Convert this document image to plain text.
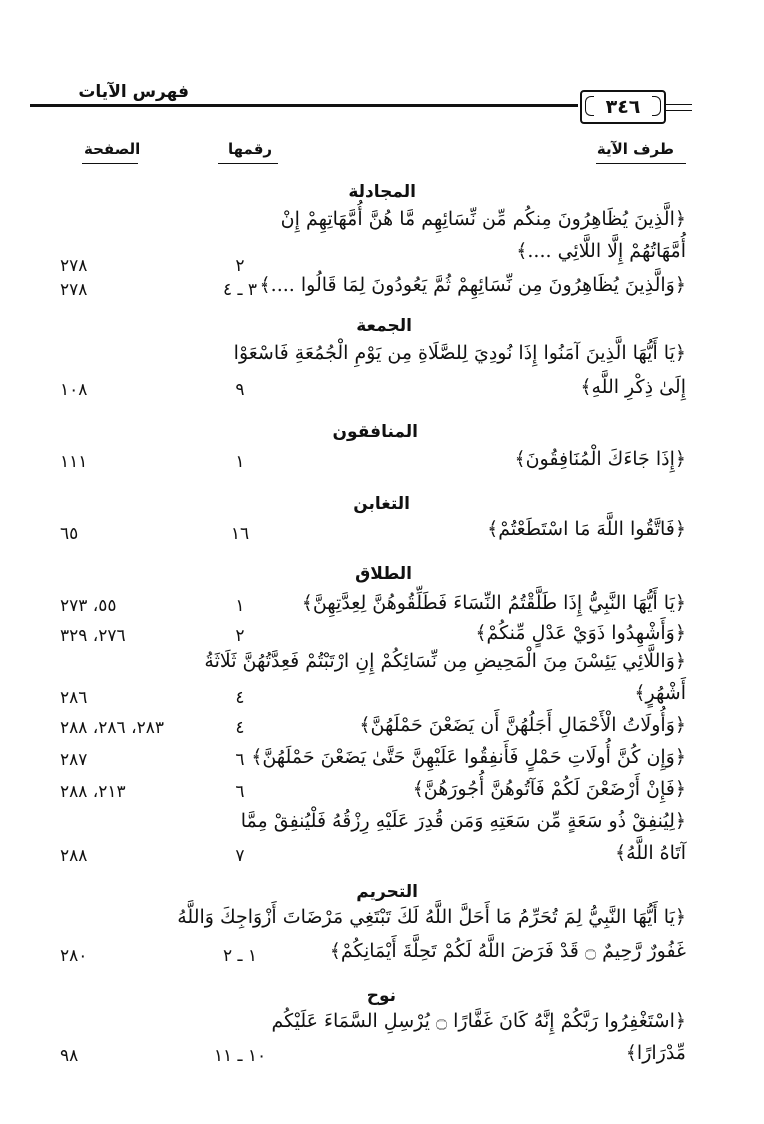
فهرس الآيات
٣٤٦
طرف الآية
رقمها
الصفحة
المجادلة
﴿الَّذِينَ يُظَاهِرُونَ مِنكُم مِّن نِّسَائِهِم مَّا هُنَّ أُمَّهَاتِهِمْ إِنْ
أُمَّهَاتُهُمْ إِلَّا اللَّائِي ....﴾
٢
٢٧٨
﴿وَالَّذِينَ يُظَاهِرُونَ مِن نِّسَائِهِمْ ثُمَّ يَعُودُونَ لِمَا قَالُوا ....﴾
٣ ـ ٤
٢٧٨
الجمعة
﴿يَا أَيُّهَا الَّذِينَ آمَنُوا إِذَا نُودِيَ لِلصَّلَاةِ مِن يَوْمِ الْجُمُعَةِ فَاسْعَوْا
إِلَىٰ ذِكْرِ اللَّهِ﴾
٩
١٠٨
المنافقون
﴿إِذَا جَاءَكَ الْمُنَافِقُونَ﴾
١
١١١
التغابن
﴿فَاتَّقُوا اللَّهَ مَا اسْتَطَعْتُمْ﴾
١٦
٦٥
الطلاق
﴿يَا أَيُّهَا النَّبِيُّ إِذَا طَلَّقْتُمُ النِّسَاءَ فَطَلِّقُوهُنَّ لِعِدَّتِهِنَّ﴾
١
٥٥، ٢٧٣
﴿وَأَشْهِدُوا ذَوَيْ عَدْلٍ مِّنكُمْ﴾
٢
٢٧٦، ٣٢٩
﴿وَاللَّائِي يَئِسْنَ مِنَ الْمَحِيضِ مِن نِّسَائِكُمْ إِنِ ارْتَبْتُمْ فَعِدَّتُهُنَّ ثَلَاثَةُ
أَشْهُرٍ﴾
٤
٢٨٦
﴿وَأُولَاتُ الْأَحْمَالِ أَجَلُهُنَّ أَن يَضَعْنَ حَمْلَهُنَّ﴾
٤
٢٨٣، ٢٨٦، ٢٨٨
﴿وَإِن كُنَّ أُولَاتِ حَمْلٍ فَأَنفِقُوا عَلَيْهِنَّ حَتَّىٰ يَضَعْنَ حَمْلَهُنَّ﴾
٦
٢٨٧
﴿فَإِنْ أَرْضَعْنَ لَكُمْ فَآتُوهُنَّ أُجُورَهُنَّ﴾
٦
٢١٣، ٢٨٨
﴿لِيُنفِقْ ذُو سَعَةٍ مِّن سَعَتِهِ وَمَن قُدِرَ عَلَيْهِ رِزْقُهُ فَلْيُنفِقْ مِمَّا
آتَاهُ اللَّهُ﴾
٧
٢٨٨
التحريم
﴿يَا أَيُّهَا النَّبِيُّ لِمَ تُحَرِّمُ مَا أَحَلَّ اللَّهُ لَكَ تَبْتَغِي مَرْضَاتَ أَزْوَاجِكَ وَاللَّهُ
غَفُورٌ رَّحِيمٌ ۝ قَدْ فَرَضَ اللَّهُ لَكُمْ تَحِلَّةَ أَيْمَانِكُمْ﴾
١ ـ ٢
٢٨٠
نوح
﴿اسْتَغْفِرُوا رَبَّكُمْ إِنَّهُ كَانَ غَفَّارًا ۝ يُرْسِلِ السَّمَاءَ عَلَيْكُم
مِّدْرَارًا﴾
١٠ ـ ١١
٩٨
